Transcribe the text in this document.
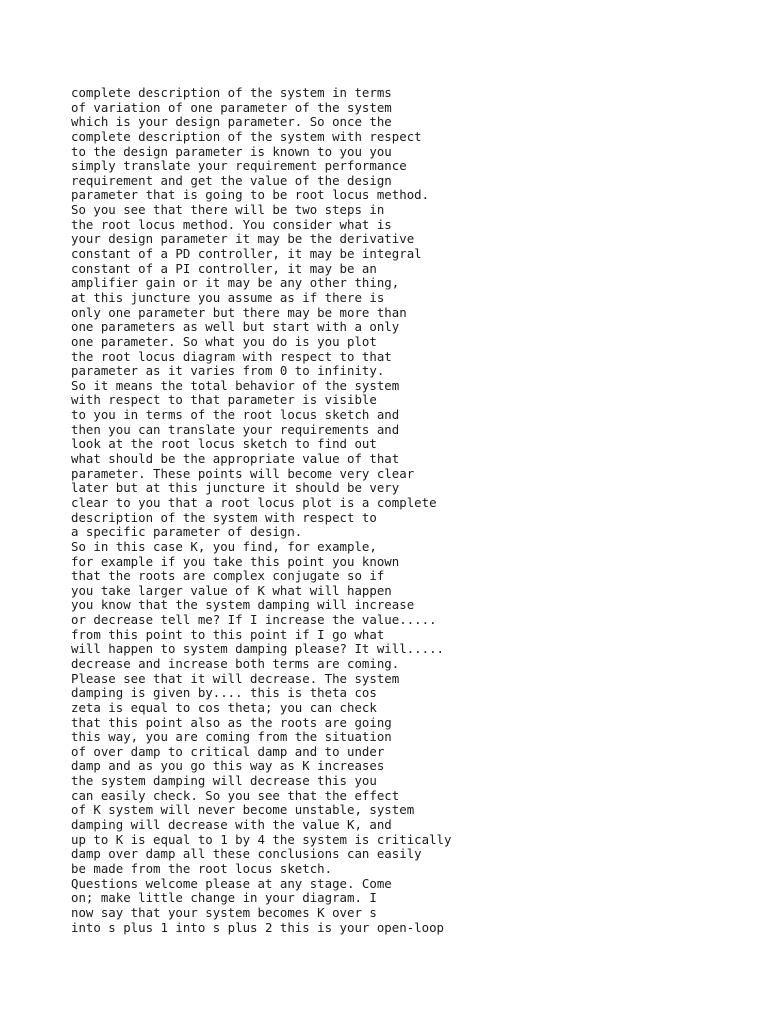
complete description of the system in terms
of variation of one parameter of the system
which is your design parameter. So once the
complete description of the system with respect
to the design parameter is known to you you
simply translate your requirement performance
requirement and get the value of the design
parameter that is going to be root locus method.
So you see that there will be two steps in
the root locus method. You consider what is
your design parameter it may be the derivative
constant of a PD controller, it may be integral
constant of a PI controller, it may be an
amplifier gain or it may be any other thing,
at this juncture you assume as if there is
only one parameter but there may be more than
one parameters as well but start with a only
one parameter. So what you do is you plot
the root locus diagram with respect to that
parameter as it varies from 0 to infinity.
So it means the total behavior of the system
with respect to that parameter is visible
to you in terms of the root locus sketch and
then you can translate your requirements and
look at the root locus sketch to find out
what should be the appropriate value of that
parameter. These points will become very clear
later but at this juncture it should be very
clear to you that a root locus plot is a complete
description of the system with respect to
a specific parameter of design.
So in this case K, you find, for example,
for example if you take this point you known
that the roots are complex conjugate so if
you take larger value of K what will happen
you know that the system damping will increase
or decrease tell me? If I increase the value.....
from this point to this point if I go what
will happen to system damping please? It will.....
decrease and increase both terms are coming.
Please see that it will decrease. The system
damping is given by.... this is theta cos
zeta is equal to cos theta; you can check
that this point also as the roots are going
this way, you are coming from the situation
of over damp to critical damp and to under
damp and as you go this way as K increases
the system damping will decrease this you
can easily check. So you see that the effect
of K system will never become unstable, system
damping will decrease with the value K, and
up to K is equal to 1 by 4 the system is critically
damp over damp all these conclusions can easily
be made from the root locus sketch.
Questions welcome please at any stage. Come
on; make little change in your diagram. I
now say that your system becomes K over s
into s plus 1 into s plus 2 this is your open-loop
